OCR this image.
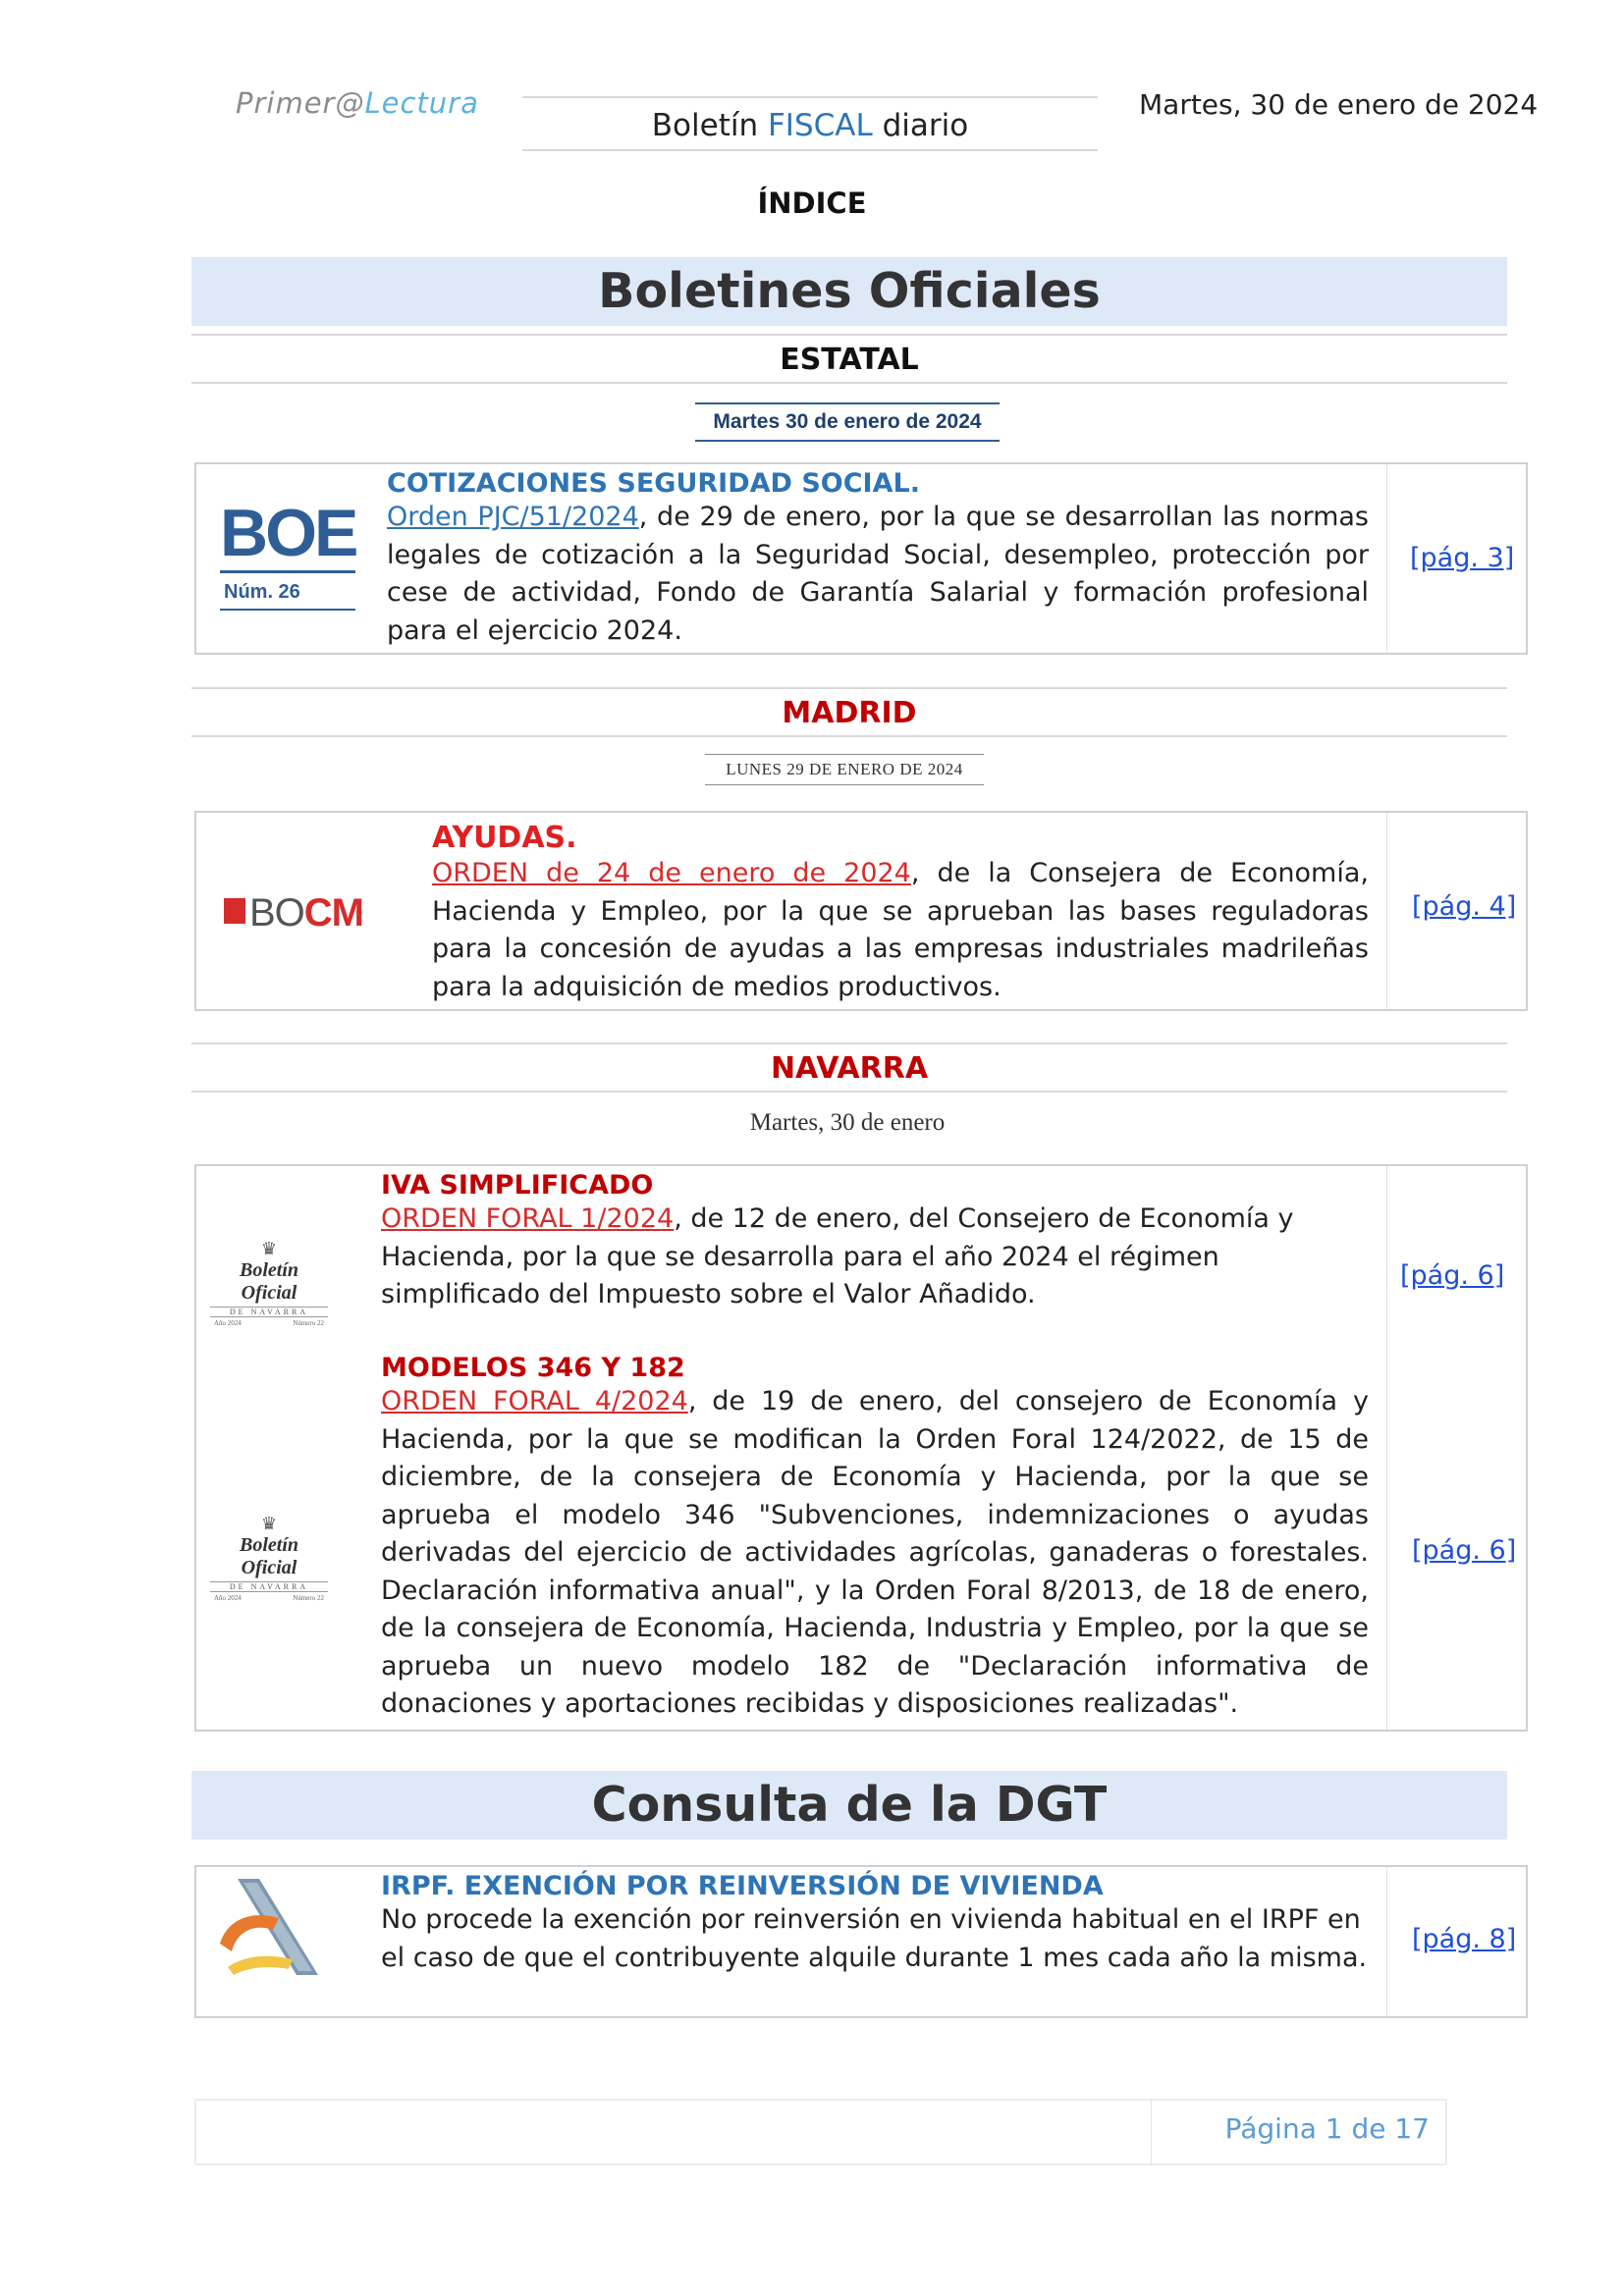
Primer@Lectura
Boletín FISCAL diario
Martes, 30 de enero de 2024
ÍNDICE
Boletines Oficiales
ESTATAL
Martes 30 de enero de 2024
BOE
Núm. 26
COTIZACIONES SEGURIDAD SOCIAL.
Orden PJC/51/2024, de 29 de enero, por la que se desarrollan las normas legales de cotización a la Seguridad Social, desempleo, protección por cese de actividad, Fondo de Garantía Salarial y formación profesional para el ejercicio 2024.
[pág. 3]
MADRID
LUNES 29 DE ENERO DE 2024
BOCM
AYUDAS.
ORDEN de 24 de enero de 2024, de la Consejera de Economía, Hacienda y Empleo, por la que se aprueban las bases reguladoras para la concesión de ayudas a las empresas industriales madrileñas para la adquisición de medios productivos.
[pág. 4]
NAVARRA
Martes, 30 de enero
♛
Boletín Oficial
DE NAVARRA
Año 2024	Número 22
IVA SIMPLIFICADO
ORDEN FORAL 1/2024, de 12 de enero, del Consejero de Economía y Hacienda, por la que se desarrolla para el año 2024 el régimen simplificado del Impuesto sobre el Valor Añadido.
[pág. 6]
♛
Boletín Oficial
DE NAVARRA
Año 2024	Número 22
MODELOS 346 Y 182
ORDEN FORAL 4/2024, de 19 de enero, del consejero de Economía y Hacienda, por la que se modifican la Orden Foral 124/2022, de 15 de diciembre, de la consejera de Economía y Hacienda, por la que se aprueba el modelo 346 "Subvenciones, indemnizaciones o ayudas derivadas del ejercicio de actividades agrícolas, ganaderas o forestales. Declaración informativa anual", y la Orden Foral 8/2013, de 18 de enero, de la consejera de Economía, Hacienda, Industria y Empleo, por la que se aprueba un nuevo modelo 182 de "Declaración informativa de donaciones y aportaciones recibidas y disposiciones realizadas".
[pág. 6]
Consulta de la DGT
IRPF. EXENCIÓN POR REINVERSIÓN DE VIVIENDA
No procede la exención por reinversión en vivienda habitual en el IRPF en el caso de que el contribuyente alquile durante 1 mes cada año la misma.
[pág. 8]
Página 1 de 17
